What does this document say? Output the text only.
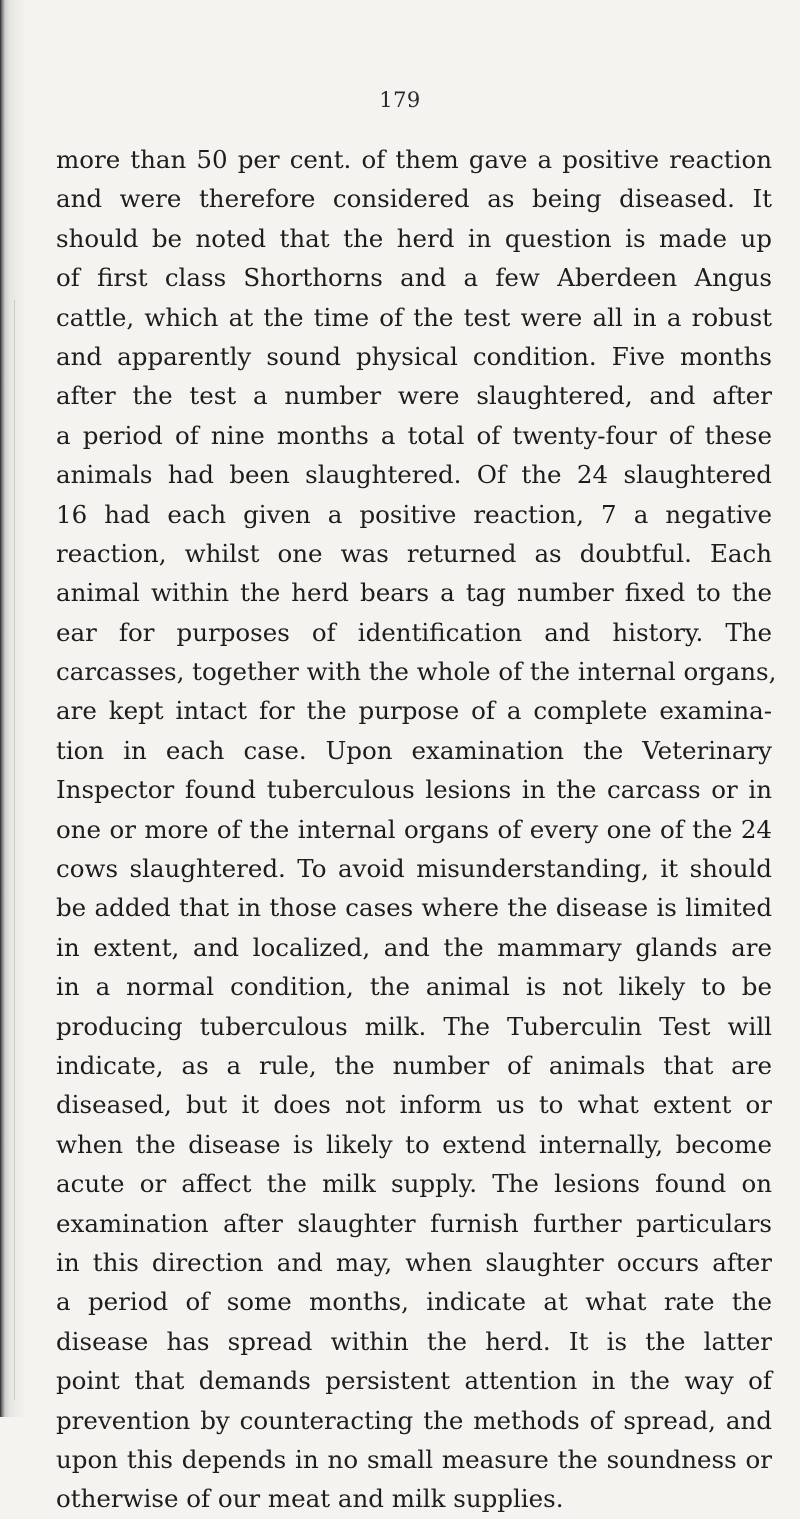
179
more than 50 per cent. of them gave a positive reaction
and were therefore considered as being diseased. It
should be noted that the herd in question is made up
of first class Shorthorns and a few Aberdeen Angus
cattle, which at the time of the test were all in a robust
and apparently sound physical condition. Five months
after the test a number were slaughtered, and after
a period of nine months a total of twenty-four of these
animals had been slaughtered. Of the 24 slaughtered
16 had each given a positive reaction, 7 a negative
reaction, whilst one was returned as doubtful. Each
animal within the herd bears a tag number fixed to the
ear for purposes of identification and history. The
carcasses, together with the whole of the internal organs,
are kept intact for the purpose of a complete examina-
tion in each case. Upon examination the Veterinary
Inspector found tuberculous lesions in the carcass or in
one or more of the internal organs of every one of the 24
cows slaughtered. To avoid misunderstanding, it should
be added that in those cases where the disease is limited
in extent, and localized, and the mammary glands are
in a normal condition, the animal is not likely to be
producing tuberculous milk. The Tuberculin Test will
indicate, as a rule, the number of animals that are
diseased, but it does not inform us to what extent or
when the disease is likely to extend internally, become
acute or affect the milk supply. The lesions found on
examination after slaughter furnish further particulars
in this direction and may, when slaughter occurs after
a period of some months, indicate at what rate the
disease has spread within the herd. It is the latter
point that demands persistent attention in the way of
prevention by counteracting the methods of spread, and
upon this depends in no small measure the soundness or
otherwise of our meat and milk supplies.
